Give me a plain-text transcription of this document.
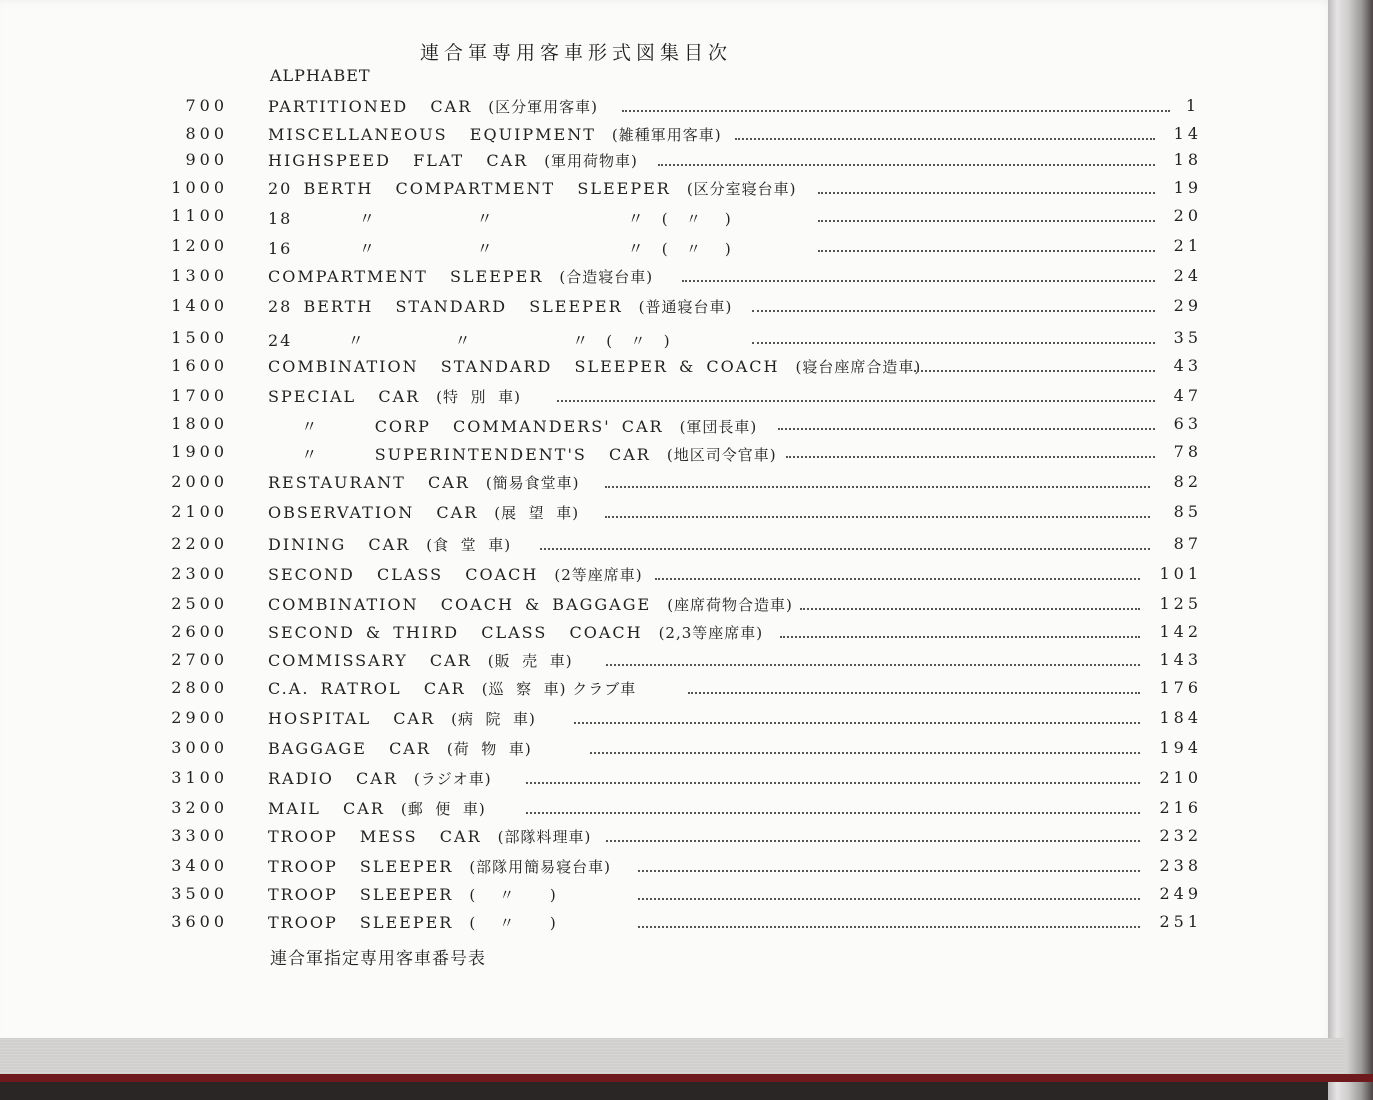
連合軍専用客車形式図集目次
ALPHABET
700	PARTITIONED  CAR (区分軍用客車)	1
800	MISCELLANEOUS  EQUIPMENT (雑種軍用客車)	14
900	HIGHSPEED  FLAT  CAR (軍用荷物車)	18
1000	20 BERTH  COMPARTMENT  SLEEPER (区分室寝台車)	19
1100	18      〃         〃            〃 (   〃    )	20
1200	16      〃         〃            〃 (   〃    )	21
1300	COMPARTMENT  SLEEPER (合造寝台車)	24
1400	28 BERTH  STANDARD  SLEEPER (普通寝台車)	29
1500	24     〃        〃         〃 (   〃   )	35
1600	COMBINATION  STANDARD  SLEEPER & COACH (寝台座席合造車)	43
1700	SPECIAL  CAR (特  別  車)	47
1800	〃     CORP  COMMANDERS' CAR (軍団長車)	63
1900	〃     SUPERINTENDENT'S  CAR (地区司令官車)	78
2000	RESTAURANT  CAR (簡易食堂車)	82
2100	OBSERVATION  CAR (展  望  車)	85
2200	DINING  CAR (食  堂  車)	87
2300	SECOND  CLASS  COACH (2等座席車)	101
2500	COMBINATION  COACH & BAGGAGE (座席荷物合造車)	125
2600	SECOND & THIRD  CLASS  COACH (2,3等座席車)	142
2700	COMMISSARY  CAR (販  売  車)	143
2800	C.A. RATROL  CAR (巡  察  車) クラブ車	176
2900	HOSPITAL  CAR (病  院  車)	184
3000	BAGGAGE  CAR (荷  物  車)	194
3100	RADIO  CAR (ラジオ車)	210
3200	MAIL  CAR (郵  便  車)	216
3300	TROOP  MESS  CAR (部隊料理車)	232
3400	TROOP  SLEEPER (部隊用簡易寝台車)	238
3500	TROOP  SLEEPER (    〃      )	249
3600	TROOP  SLEEPER (    〃      )	251
連合軍指定専用客車番号表
